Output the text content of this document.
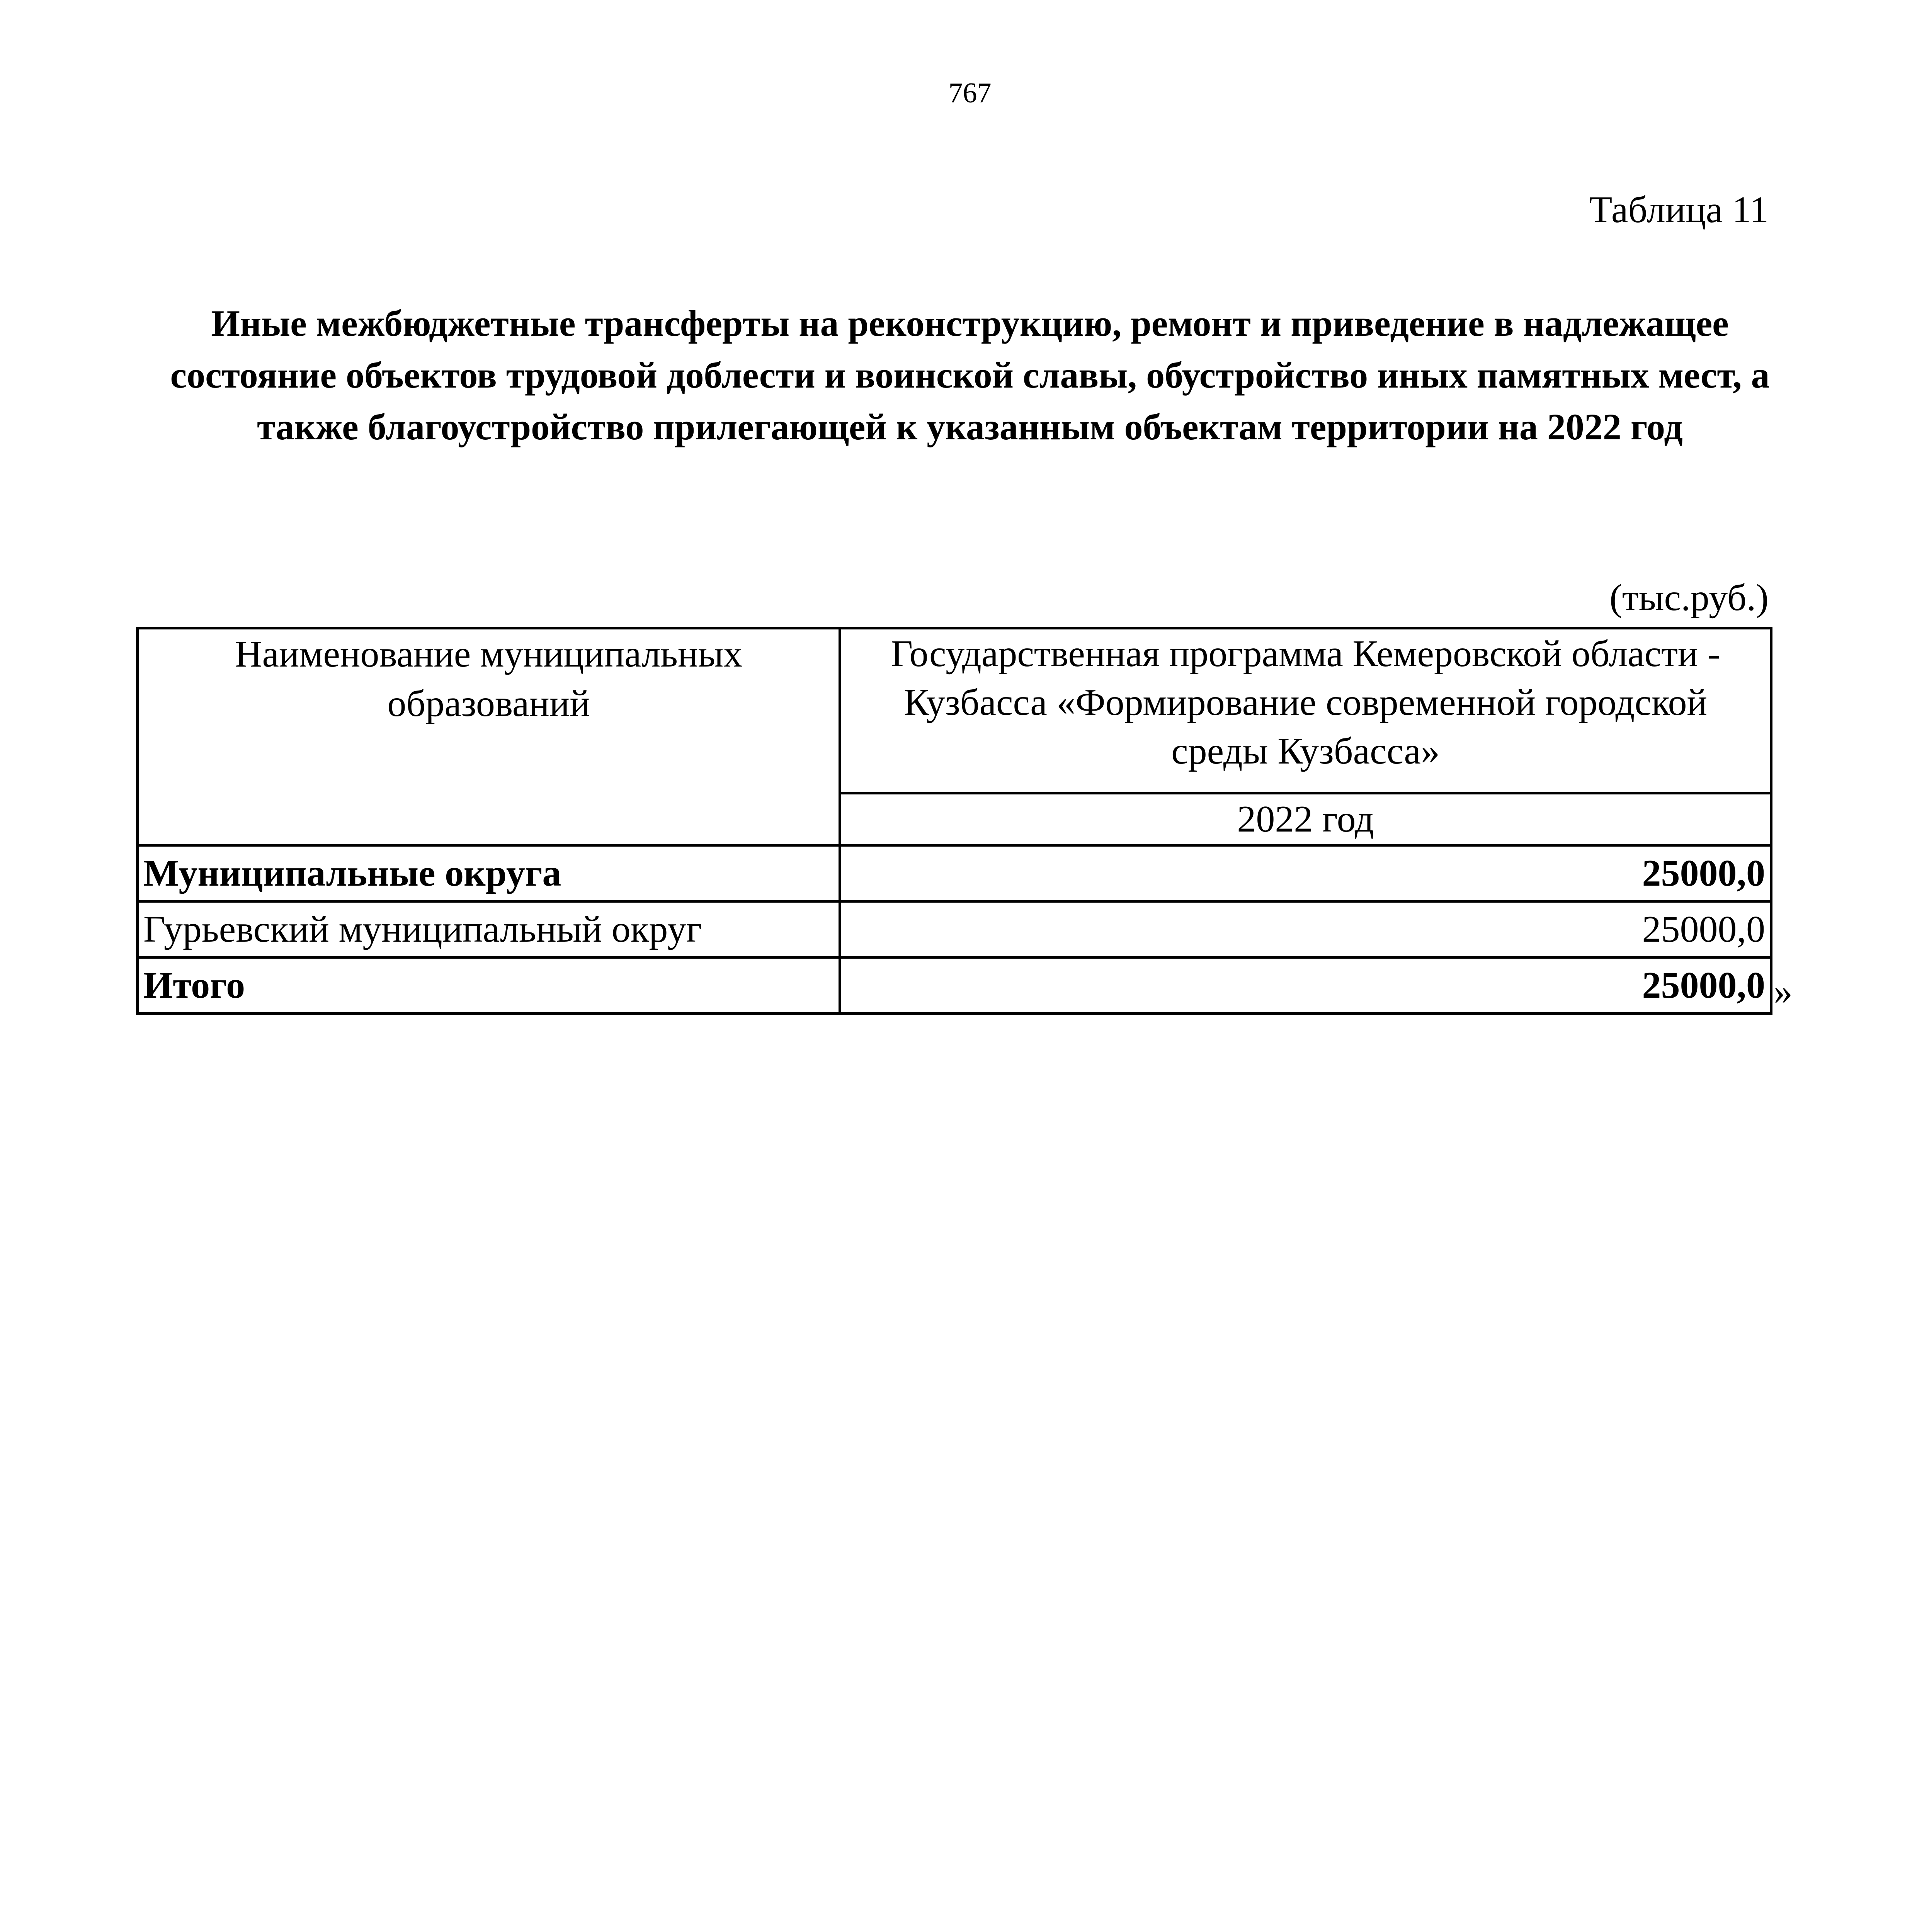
767
Таблица 11
Иные межбюджетные трансферты на реконструкцию, ремонт и приведение в надлежащее состояние объектов трудовой доблести и воинской славы, обустройство иных памятных мест, а также благоустройство прилегающей к указанным объектам территории на 2022 год
(тыс.руб.)
Наименование муниципальных образований	Государственная программа Кемеровской области -
Кузбасса «Формирование современной городской
среды Кузбасса»
	2022 год
Муниципальные округа	25000,0
Гурьевский муниципальный округ	25000,0
Итого	25000,0 »
